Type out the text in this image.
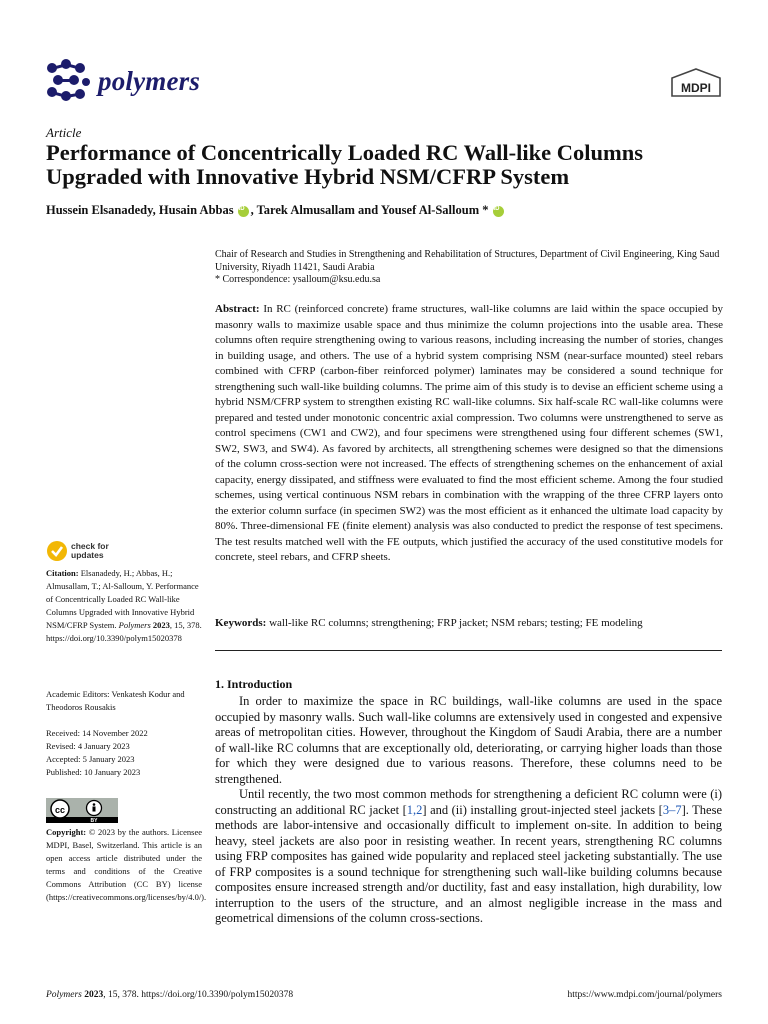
polymers	MDPI
Article
Performance of Concentrically Loaded RC Wall-like Columns Upgraded with Innovative Hybrid NSM/CFRP System
Hussein Elsanadedy, Husain Abbas
iD , Tarek Almusallam and Yousef Al-Salloum *
iD
Chair of Research and Studies in Strengthening and Rehabilitation of Structures, Department of Civil Engineering, King Saud University, Riyadh 11421, Saudi Arabia
* Correspondence: ysalloum@ksu.edu.sa
Abstract: In RC (reinforced concrete) frame structures, wall-like columns are laid within the space occupied by masonry walls to maximize usable space and thus minimize the column projections into the usable area. These columns often require strengthening owing to various reasons, including increasing the number of stories, changes in building usage, and others. The use of a hybrid system comprising NSM (near-surface mounted) steel rebars combined with CFRP (carbon-fiber reinforced polymer) laminates may be considered a sound technique for strengthening such wall-like building columns. The prime aim of this study is to devise an efficient scheme using a hybrid NSM/CFRP system to strengthen existing RC wall-like columns. Six half-scale RC wall-like columns were prepared and tested under monotonic concentric axial compression. Two columns were unstrengthened to serve as control specimens (CW1 and CW2), and four specimens were strengthened using four different schemes (SW1, SW2, SW3, and SW4). As favored by architects, all strengthening schemes were designed so that the dimensions of the column cross-section were not increased. The effects of strengthening schemes on the enhancement of axial capacity, energy dissipated, and stiffness were evaluated to find the most efficient scheme. Among the four studied schemes, using vertical continuous NSM rebars in combination with the wrapping of the three CFRP layers onto the exterior column surface (in specimen SW2) was the most efficient as it enhanced the ultimate load capacity by 80%. Three-dimensional FE (finite element) analysis was also conducted to predict the response of test specimens. The test results matched well with the FE outputs, which justified the accuracy of the used constitutive models for concrete, steel rebars, and CFRP sheets.
Keywords: wall-like RC columns; strengthening; FRP jacket; NSM rebars; testing; FE modeling
check for
updates
Citation: Elsanadedy, H.; Abbas, H.; Almusallam, T.; Al-Salloum, Y. Performance of Concentrically Loaded RC Wall-like Columns Upgraded with Innovative Hybrid NSM/CFRP System. Polymers 2023, 15, 378. https://doi.org/10.3390/polym15020378
Academic Editors: Venkatesh Kodur and Theodoros Rousakis
Received: 14 November 2022
Revised: 4 January 2023
Accepted: 5 January 2023
Published: 10 January 2023
cc
BY
Copyright: © 2023 by the authors. Licensee MDPI, Basel, Switzerland. This article is an open access article distributed under the terms and conditions of the Creative Commons Attribution (CC BY) license (https://creativecommons.org/licenses/by/4.0/).
1. Introduction

In order to maximize the space in RC buildings, wall-like columns are used in the space occupied by masonry walls. Such wall-like columns are extensively used in congested and expensive areas of metropolitan cities. However, throughout the Kingdom of Saudi Arabia, there are a number of wall-like RC columns that are exceptionally old, deteriorating, or carrying higher loads than those for which they were designed due to various reasons. Therefore, these columns need to be strengthened.

Until recently, the two most common methods for strengthening a deficient RC column were (i) constructing an additional RC jacket [1,2] and (ii) installing grout-injected steel jackets [3–7]. These methods are labor-intensive and occasionally difficult to implement on-site. In addition to being heavy, steel jackets are also poor in resisting weather. In recent years, strengthening RC columns using FRP composites has gained wide popularity and replaced steel jacketing substantially. The use of FRP composites is a sound technique for strengthening such wall-like building columns because composites ensure increased strength and/or ductility, fast and easy installation, high durability, low interruption to the users of the structure, and an almost negligible increase in the mass and geometrical dimensions of the column cross-sections.

Polymers 2023, 15, 378. https://doi.org/10.3390/polym15020378	https://www.mdpi.com/journal/polymers
